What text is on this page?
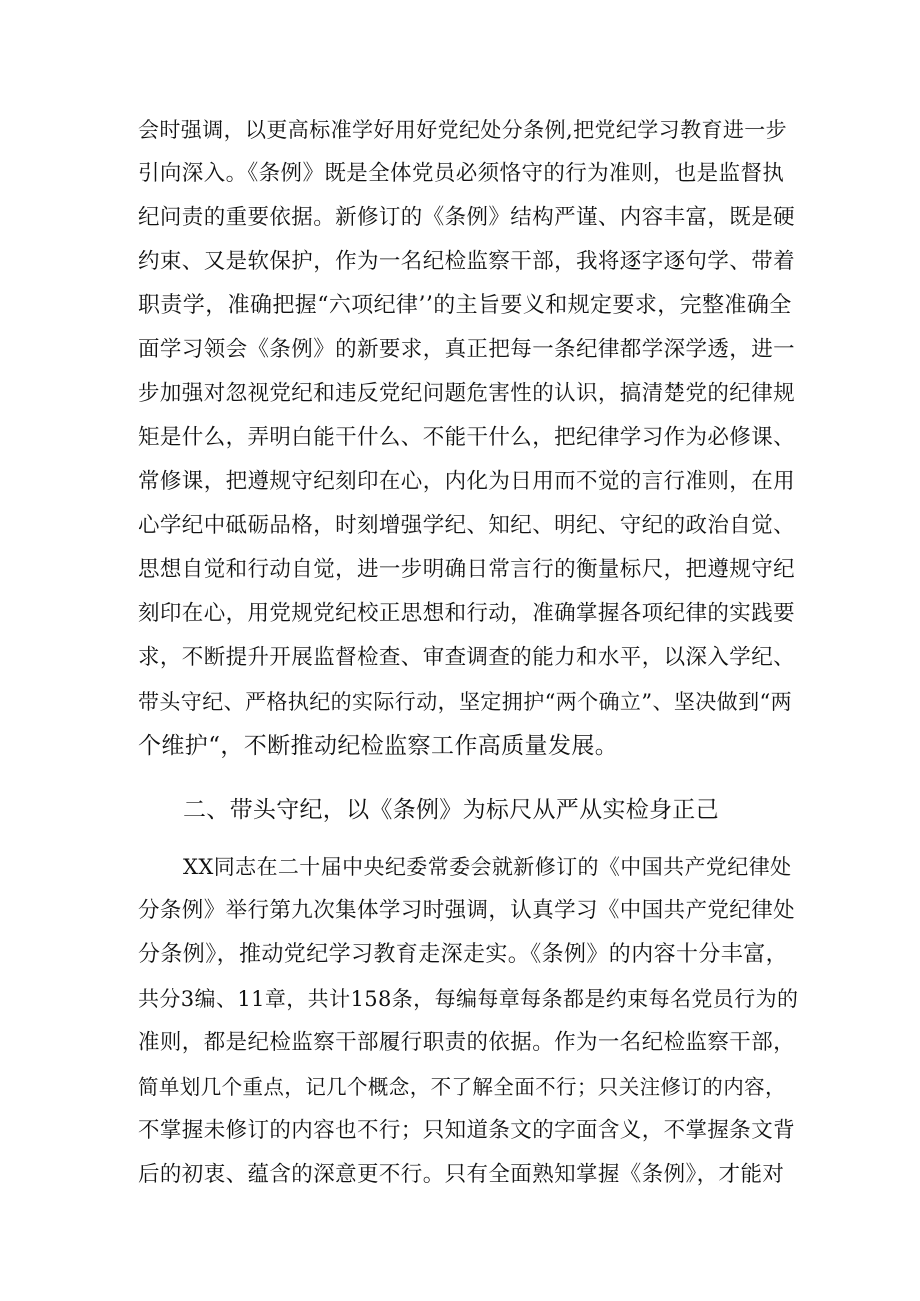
会时强调，以更高标准学好用好党纪处分条例,把党纪学习教育进一步
引向深入。《条例》既是全体党员必须恪守的行为准则，也是监督执
纪问责的重要依据。新修订的《条例》结构严谨、内容丰富，既是硬
约束、又是软保护，作为一名纪检监察干部，我将逐字逐句学、带着
职责学，准确把握“六项纪律’’的主旨要义和规定要求，完整准确全
面学习领会《条例》的新要求，真正把每一条纪律都学深学透，进一
步加强对忽视党纪和违反党纪问题危害性的认识，搞清楚党的纪律规
矩是什么，弄明白能干什么、不能干什么，把纪律学习作为必修课、
常修课，把遵规守纪刻印在心，内化为日用而不觉的言行准则，在用
心学纪中砥砺品格，时刻增强学纪、知纪、明纪、守纪的政治自觉、
思想自觉和行动自觉，进一步明确日常言行的衡量标尺，把遵规守纪
刻印在心，用党规党纪校正思想和行动，准确掌握各项纪律的实践要
求，不断提升开展监督检查、审查调查的能力和水平，以深入学纪、
带头守纪、严格执纪的实际行动，坚定拥护“两个确立”、坚决做到“两
个维护“，不断推动纪检监察工作高质量发展。
二、带头守纪，以《条例》为标尺从严从实检身正己
XX同志在二十届中央纪委常委会就新修订的《中国共产党纪律处
分条例》举行第九次集体学习时强调，认真学习《中国共产党纪律处
分条例》，推动党纪学习教育走深走实。《条例》的内容十分丰富，
共分3编、11章，共计158条，每编每章每条都是约束每名党员行为的
准则，都是纪检监察干部履行职责的依据。作为一名纪检监察干部，
简单划几个重点，记几个概念，不了解全面不行；只关注修订的内容，
不掌握未修订的内容也不行；只知道条文的字面含义，不掌握条文背
后的初衷、蕴含的深意更不行。只有全面熟知掌握《条例》，才能对
